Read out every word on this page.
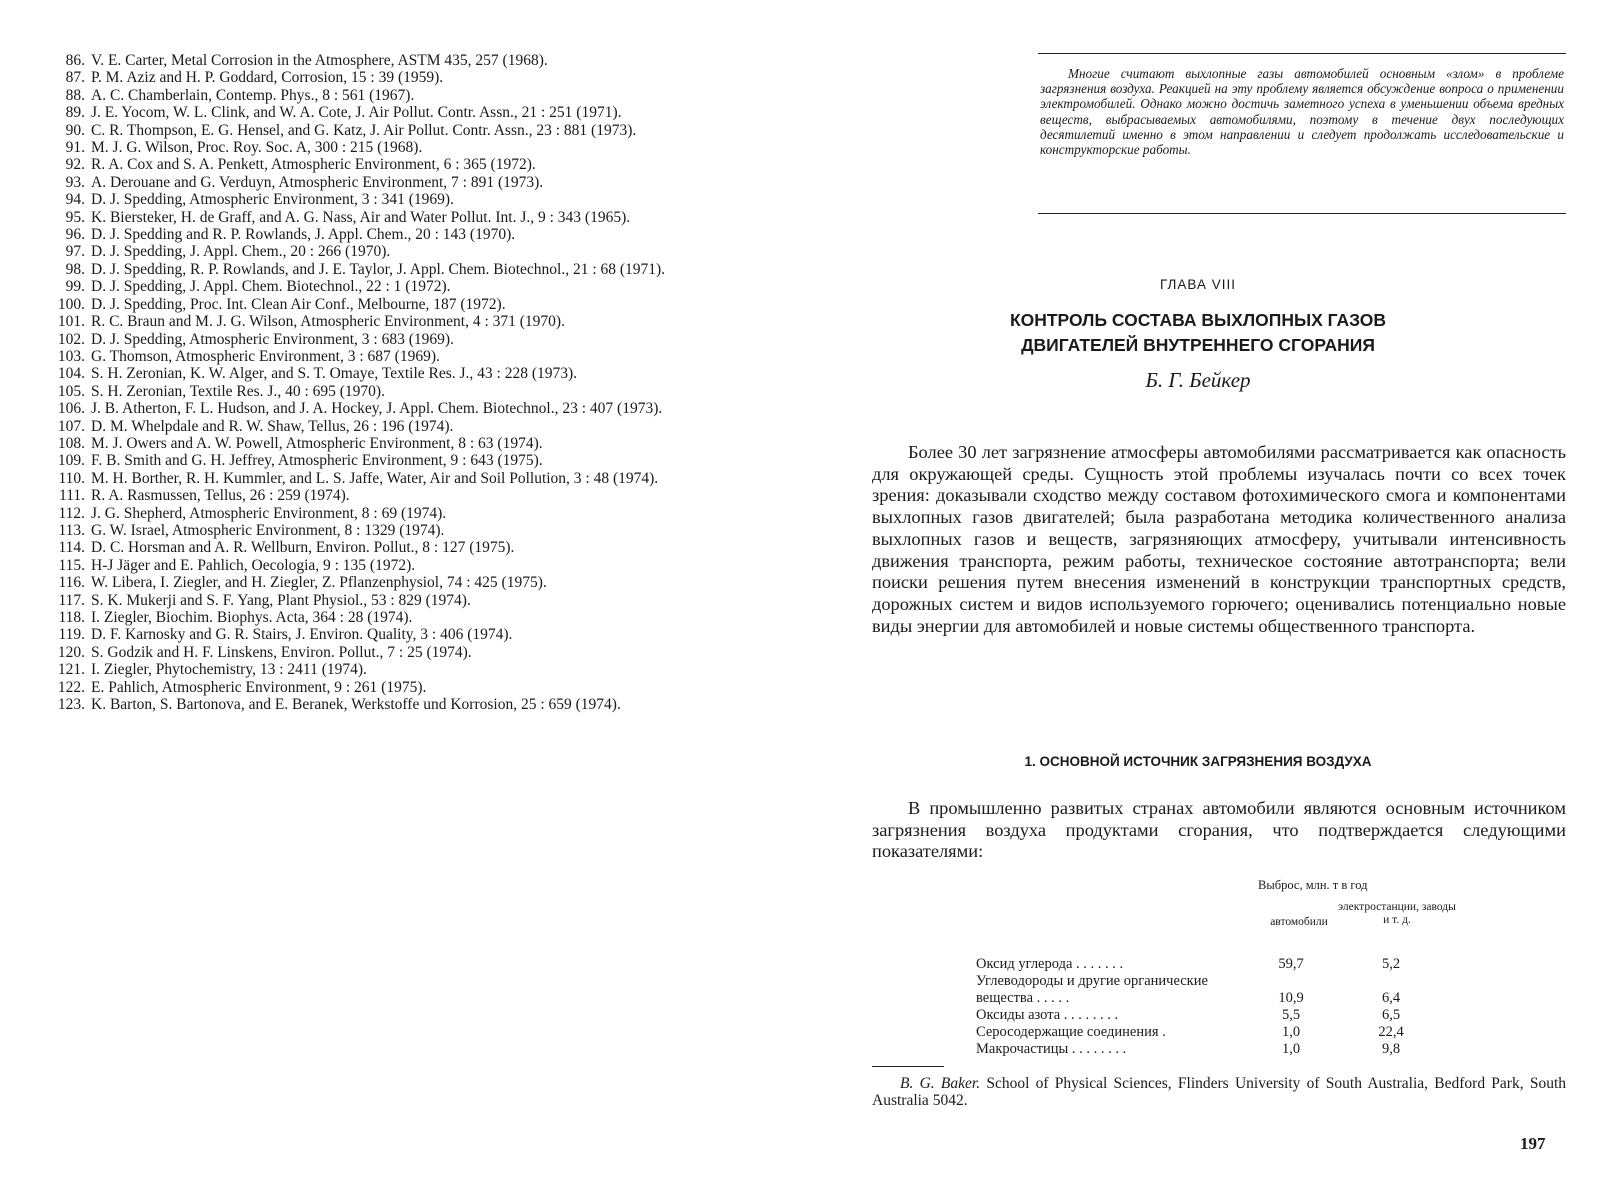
86. V. E. Carter, Metal Corrosion in the Atmosphere, ASTM 435, 257 (1968).
87. P. M. Aziz and H. P. Goddard, Corrosion, 15 : 39 (1959).
88. A. C. Chamberlain, Contemp. Phys., 8 : 561 (1967).
89. J. E. Yocom, W. L. Clink, and W. A. Cote, J. Air Pollut. Contr. Assn., 21 : 251 (1971).
90. C. R. Thompson, E. G. Hensel, and G. Katz, J. Air Pollut. Contr. Assn., 23 : 881 (1973).
91. M. J. G. Wilson, Proc. Roy. Soc. A, 300 : 215 (1968).
92. R. A. Cox and S. A. Penkett, Atmospheric Environment, 6 : 365 (1972).
93. A. Derouane and G. Verduyn, Atmospheric Environment, 7 : 891 (1973).
94. D. J. Spedding, Atmospheric Environment, 3 : 341 (1969).
95. K. Biersteker, H. de Graff, and A. G. Nass, Air and Water Pollut. Int. J., 9 : 343 (1965).
96. D. J. Spedding and R. P. Rowlands, J. Appl. Chem., 20 : 143 (1970).
97. D. J. Spedding, J. Appl. Chem., 20 : 266 (1970).
98. D. J. Spedding, R. P. Rowlands, and J. E. Taylor, J. Appl. Chem. Biotechnol., 21 : 68 (1971).
99. D. J. Spedding, J. Appl. Chem. Biotechnol., 22 : 1 (1972).
100. D. J. Spedding, Proc. Int. Clean Air Conf., Melbourne, 187 (1972).
101. R. C. Braun and M. J. G. Wilson, Atmospheric Environment, 4 : 371 (1970).
102. D. J. Spedding, Atmospheric Environment, 3 : 683 (1969).
103. G. Thomson, Atmospheric Environment, 3 : 687 (1969).
104. S. H. Zeronian, K. W. Alger, and S. T. Omaye, Textile Res. J., 43 : 228 (1973).
105. S. H. Zeronian, Textile Res. J., 40 : 695 (1970).
106. J. B. Atherton, F. L. Hudson, and J. A. Hockey, J. Appl. Chem. Biotechnol., 23 : 407 (1973).
107. D. M. Whelpdale and R. W. Shaw, Tellus, 26 : 196 (1974).
108. M. J. Owers and A. W. Powell, Atmospheric Environment, 8 : 63 (1974).
109. F. B. Smith and G. H. Jeffrey, Atmospheric Environment, 9 : 643 (1975).
110. M. H. Borther, R. H. Kummler, and L. S. Jaffe, Water, Air and Soil Pollution, 3 : 48 (1974).
111. R. A. Rasmussen, Tellus, 26 : 259 (1974).
112. J. G. Shepherd, Atmospheric Environment, 8 : 69 (1974).
113. G. W. Israel, Atmospheric Environment, 8 : 1329 (1974).
114. D. C. Horsman and A. R. Wellburn, Environ. Pollut., 8 : 127 (1975).
115. H-J Jäger and E. Pahlich, Oecologia, 9 : 135 (1972).
116. W. Libera, I. Ziegler, and H. Ziegler, Z. Pflanzenphysiol, 74 : 425 (1975).
117. S. K. Mukerji and S. F. Yang, Plant Physiol., 53 : 829 (1974).
118. I. Ziegler, Biochim. Biophys. Acta, 364 : 28 (1974).
119. D. F. Karnosky and G. R. Stairs, J. Environ. Quality, 3 : 406 (1974).
120. S. Godzik and H. F. Linskens, Environ. Pollut., 7 : 25 (1974).
121. I. Ziegler, Phytochemistry, 13 : 2411 (1974).
122. E. Pahlich, Atmospheric Environment, 9 : 261 (1975).
123. K. Barton, S. Bartonova, and E. Beranek, Werkstoffe und Korrosion, 25 : 659 (1974).

Многие считают выхлопные газы автомобилей основным «злом» в проблеме загрязнения воздуха. Реакцией на эту проблему является обсуждение вопроса о применении электромобилей. Однако можно достичь заметного успеха в уменьшении объема вредных веществ, выбрасываемых автомобилями, поэтому в течение двух последующих десятилетий именно в этом направлении и следует продолжать исследовательские и конструкторские работы.

ГЛАВА VIII

КОНТРОЛЬ СОСТАВА ВЫХЛОПНЫХ ГАЗОВ
ДВИГАТЕЛЕЙ ВНУТРЕННЕГО СГОРАНИЯ

Б. Г. Бейкер

Более 30 лет загрязнение атмосферы автомобилями рассматривается как опасность для окружающей среды. Сущность этой проблемы изучалась почти со всех точек зрения: доказывали сходство между составом фотохимического смога и компонентами выхлопных газов двигателей; была разработана методика количественного анализа выхлопных газов и веществ, загрязняющих атмосферу, учитывали интенсивность движения транспорта, режим работы, техническое состояние автотранспорта; вели поиски решения путем внесения изменений в конструкции транспортных средств, дорожных систем и видов используемого горючего; оценивались потенциально новые виды энергии для автомобилей и новые системы общественного транспорта.

1. ОСНОВНОЙ ИСТОЧНИК ЗАГРЯЗНЕНИЯ ВОЗДУХА

В промышленно развитых странах автомобили являются основным источником загрязнения воздуха продуктами сгорания, что подтверждается следующими показателями:

Выброс, млн. т в год
автомобили
электростанции, заводы и т. д.
Оксид углерода . . . . . . .	59,7	5,2
Углеводороды и другие органические вещества . . . . .	10,9	6,4
Оксиды азота . . . . . . . .	5,5	6,5
Серосодержащие соединения .	1,0	22,4
Макрочастицы . . . . . . . .	1,0	9,8

B. G. Baker. School of Physical Sciences, Flinders University of South Australia, Bedford Park, South Australia 5042.

197
